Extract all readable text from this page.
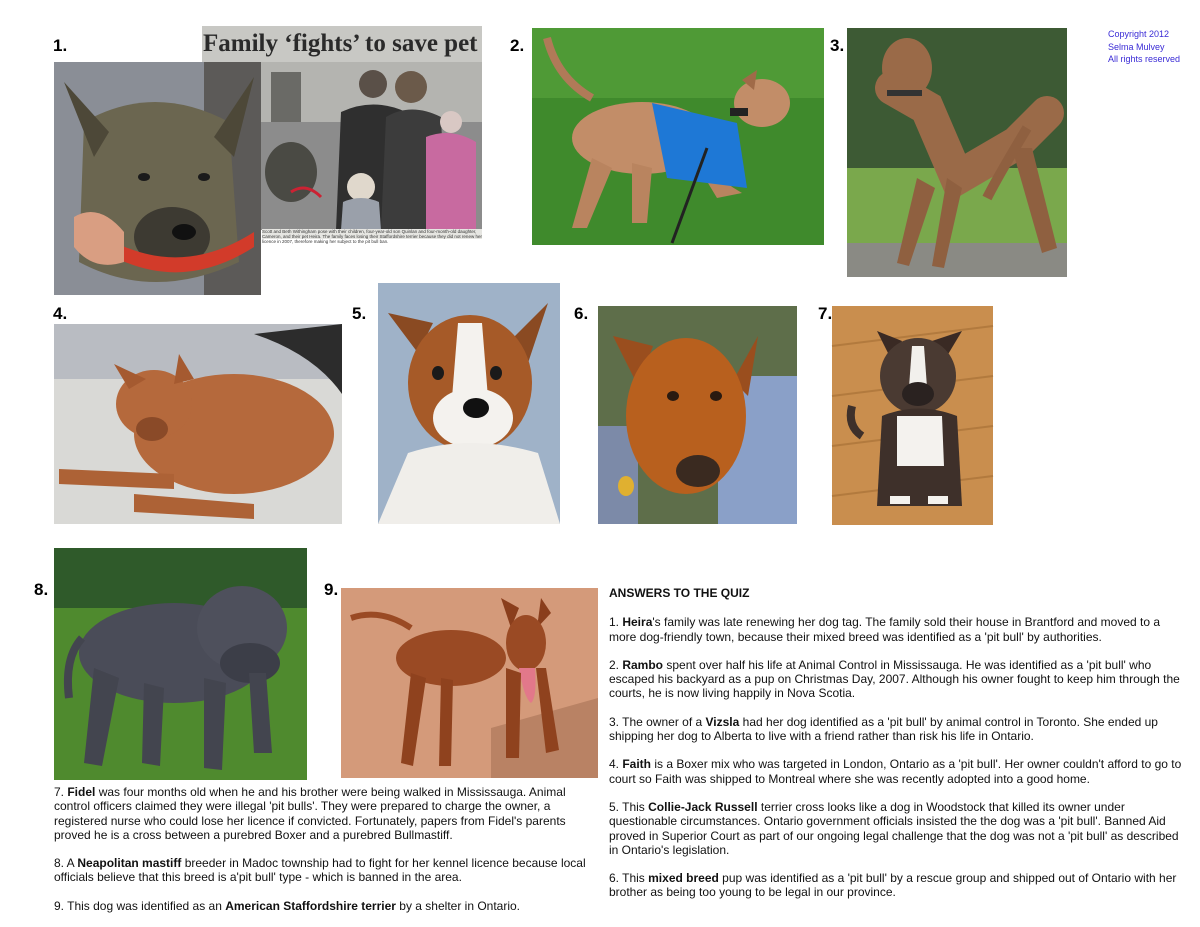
Copyright 2012
Selma Mulvey
All rights reserved
1.	2.	3.
4.	5.	6.	7.
8.	9.
Family ‘fights’ to save pet
Scott and Beth Withingham pose with their children, four-year-old son Quinlan and four-month-old daughter, Cameron, and their pet Heira. The family faces losing their Staffordshire terrier because they did not renew her licence in 2007, therefore making her subject to the pit bull ban.

7. Fidel was four months old when he and his brother were being walked in Mississauga. Animal control officers claimed they were illegal 'pit bulls'. They were prepared to charge the owner, a registered nurse who could lose her licence if convicted. Fortunately, papers from Fidel's parents proved he is a cross between a purebred Boxer and a purebred Bullmastiff.

8. A Neapolitan mastiff breeder in Madoc township had to fight for her kennel licence because local officials believe that this breed is a'pit bull' type - which is banned in the area.

9. This dog was identified as an American Staffordshire terrier by a shelter in Ontario.

ANSWERS TO THE QUIZ

1. Heira's family was late renewing her dog tag. The family sold their house in Brantford and moved to a more dog-friendly town, because their mixed breed was identified as a 'pit bull' by authorities.

2. Rambo spent over half his life at Animal Control in Mississauga. He was identified as a 'pit bull' who escaped his backyard as a pup on Christmas Day, 2007. Although his owner fought to keep him through the courts, he is now living happily in Nova Scotia.

3. The owner of a Vizsla had her dog identified as a 'pit bull' by animal control in Toronto. She ended up shipping her dog to Alberta to live with a friend rather than risk his life in Ontario.

4. Faith is a Boxer mix who was targeted in London, Ontario as a 'pit bull'. Her owner couldn't afford to go to court so Faith was shipped to Montreal where she was recently adopted into a good home.

5. This Collie-Jack Russell terrier cross looks like a dog in Woodstock that killed its owner under questionable circumstances. Ontario government officials insisted the the dog was a 'pit bull'. Banned Aid proved in Superior Court as part of our ongoing legal challenge that the dog was not a 'pit bull' as described in Ontario's legislation.

6. This mixed breed pup was identified as a 'pit bull' by a rescue group and shipped out of Ontario with her brother as being too young to be legal in our province.
